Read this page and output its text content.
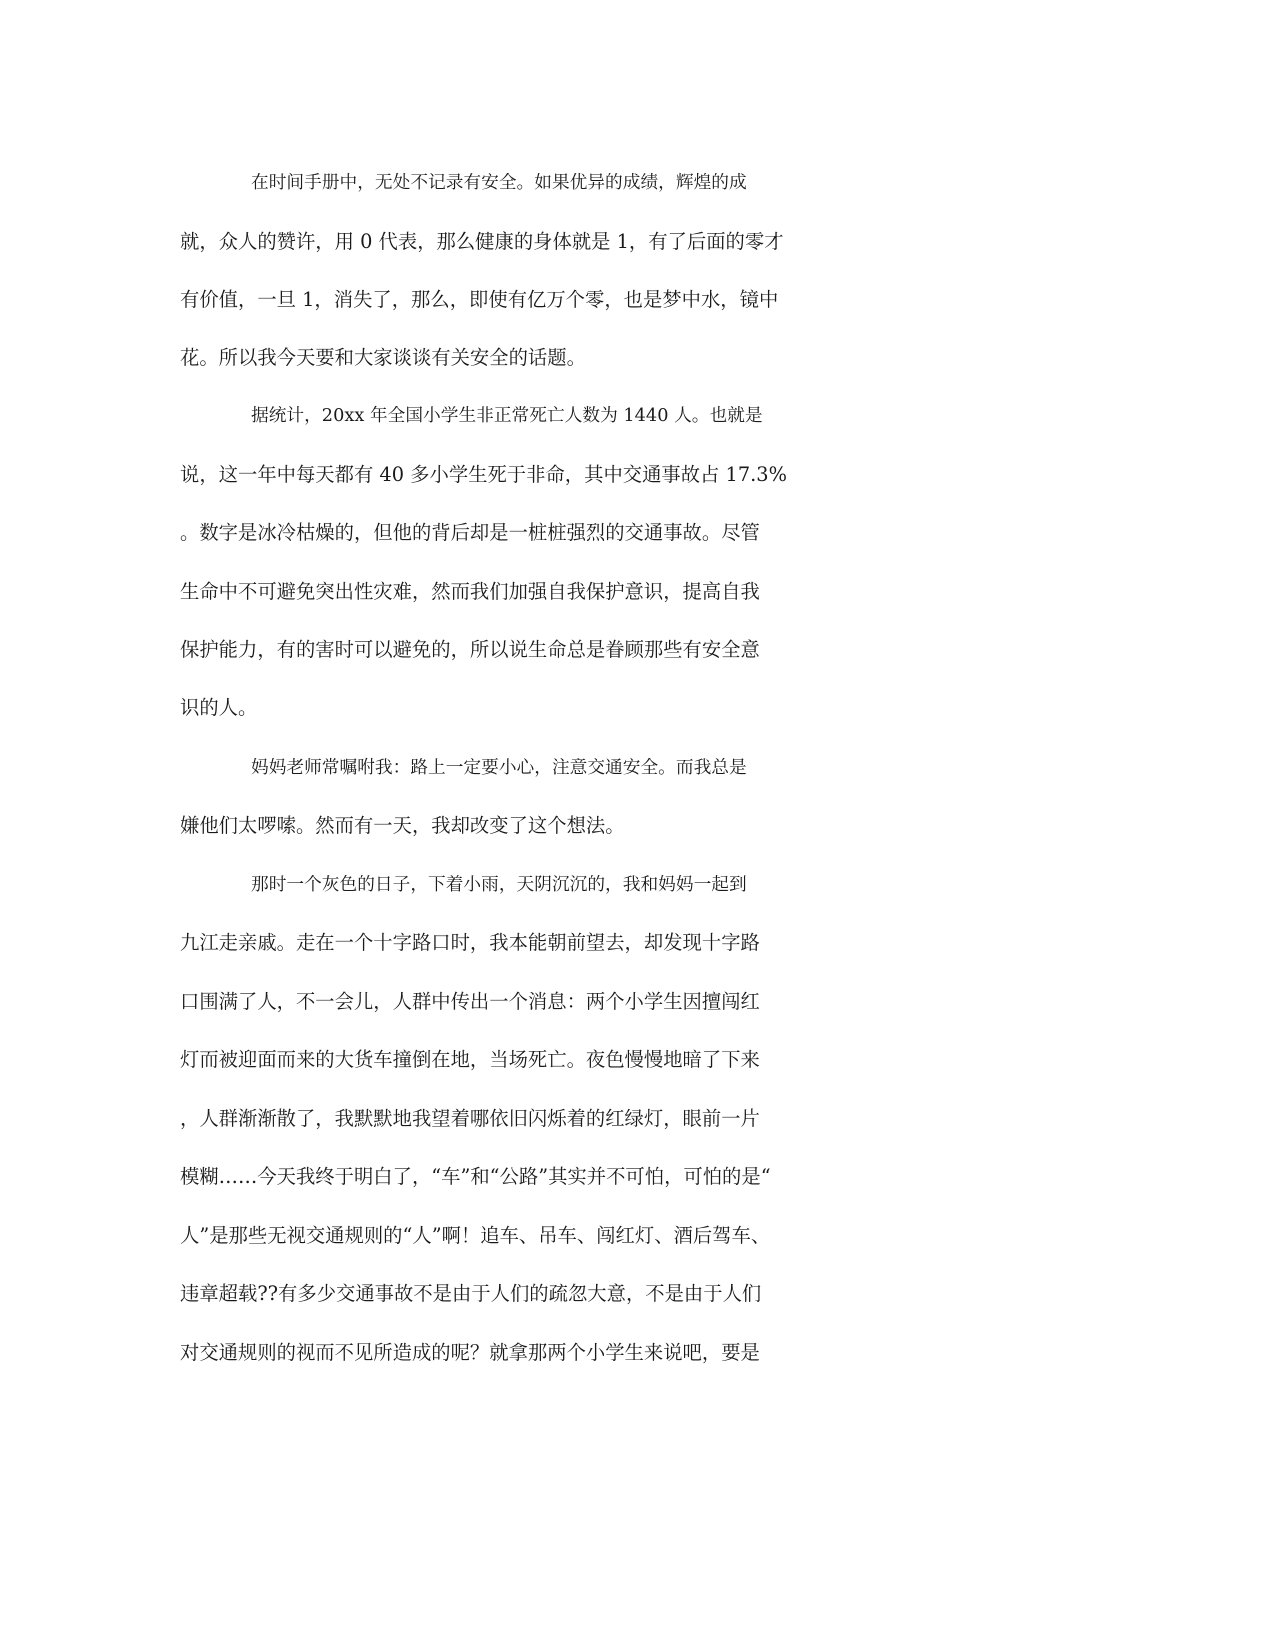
在时间手册中，无处不记录有安全。如果优异的成绩，辉煌的成

就，众人的赞许，用 0 代表，那么健康的身体就是 1，有了后面的零才

有价值，一旦 1，消失了，那么，即使有亿万个零，也是梦中水，镜中

花。所以我今天要和大家谈谈有关安全的话题。

据统计，20xx 年全国小学生非正常死亡人数为 1440 人。也就是

说，这一年中每天都有 40 多小学生死于非命，其中交通事故占 17.3%

。数字是冰冷枯燥的，但他的背后却是一桩桩强烈的交通事故。尽管

生命中不可避免突出性灾难，然而我们加强自我保护意识，提高自我

保护能力，有的害时可以避免的，所以说生命总是眷顾那些有安全意

识的人。

妈妈老师常嘱咐我：路上一定要小心，注意交通安全。而我总是

嫌他们太啰嗦。然而有一天，我却改变了这个想法。

那时一个灰色的日子，下着小雨，天阴沉沉的，我和妈妈一起到

九江走亲戚。走在一个十字路口时，我本能朝前望去，却发现十字路

口围满了人，不一会儿，人群中传出一个消息：两个小学生因擅闯红

灯而被迎面而来的大货车撞倒在地，当场死亡。夜色慢慢地暗了下来

，人群渐渐散了，我默默地我望着哪依旧闪烁着的红绿灯，眼前一片

模糊……今天我终于明白了，“车”和“公路”其实并不可怕，可怕的是“

人”是那些无视交通规则的“人”啊！追车、吊车、闯红灯、酒后驾车、

违章超载??有多少交通事故不是由于人们的疏忽大意，不是由于人们

对交通规则的视而不见所造成的呢？就拿那两个小学生来说吧，要是
